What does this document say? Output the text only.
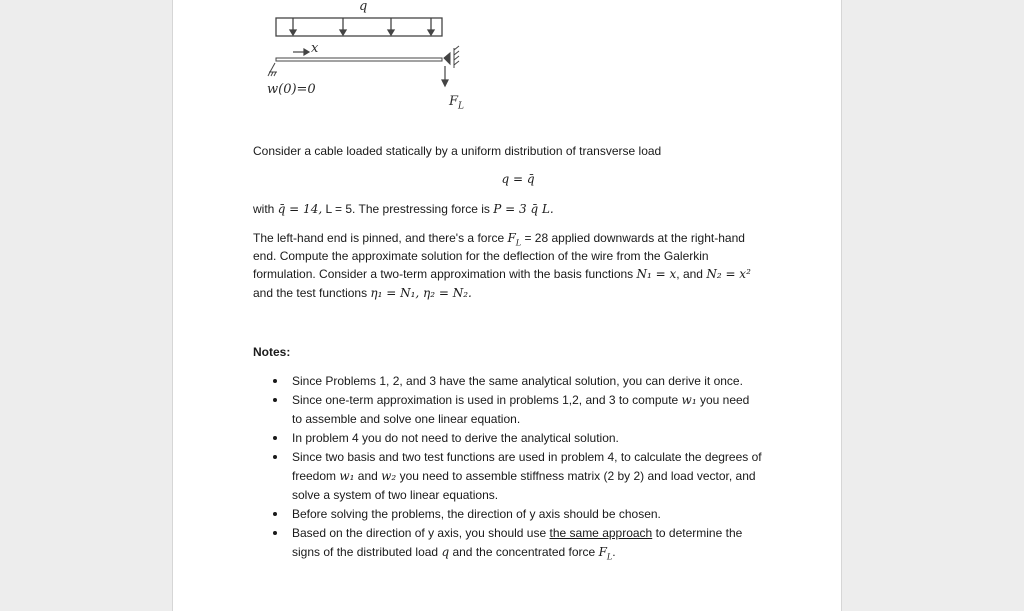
q
x
w(0)=0
$F_L$
Consider a cable loaded statically by a uniform distribution of transverse load
q = q̄
with q̄ = 14, L = 5. The prestressing force is P = 3 q̄ L.
The left-hand end is pinned, and there's a force $F_L = 28$ applied downwards at the right-hand
end. Compute the approximate solution for the deflection of the wire from the Galerkin
formulation. Consider a two-term approximation with the basis functions N₁ = x, and N₂ = x²
and the test functions η₁ = N₁, η₂ = N₂.
Notes:
Since Problems 1, 2, and 3 have the same analytical solution, you can derive it once.
Since one-term approximation is used in problems 1,2, and 3 to compute w₁ you need
to assemble and solve one linear equation.
In problem 4 you do not need to derive the analytical solution.
Since two basis and two test functions are used in problem 4, to calculate the degrees of
freedom w₁ and w₂ you need to assemble stiffness matrix (2 by 2) and load vector, and
solve a system of two linear equations.
Before solving the problems, the direction of y axis should be chosen.
Based on the direction of y axis, you should use the same approach to determine the
signs of the distributed load q and the concentrated force $F_L$.
